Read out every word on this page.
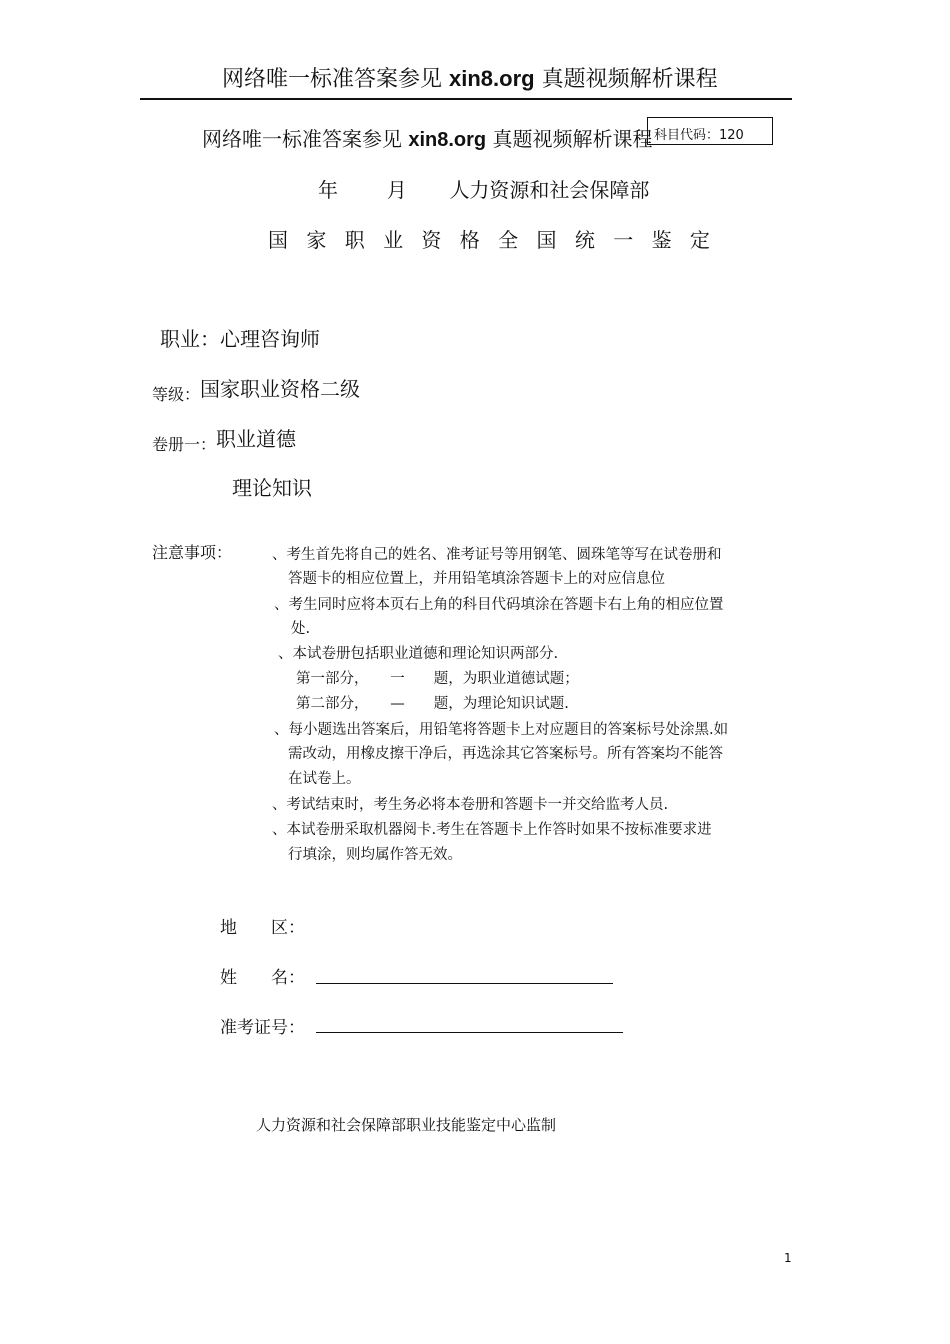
网络唯一标准答案参见 xin8.org 真题视频解析课程
网络唯一标准答案参见 xin8.org 真题视频解析课程 科目代码：120
年 月 人力资源和社会保障部
国 家 职 业 资 格 全 国 统 一 鉴 定
职业：心理咨询师
等级：国家职业资格二级
卷册一：职业道德
理论知识
注意事项：	、考生首先将自己的姓名、准考证号等用钢笔、圆珠笔等写在试卷册和
答题卡的相应位置上，并用铅笔填涂答题卡上的对应信息位
、考生同时应将本页右上角的科目代码填涂在答题卡右上角的相应位置
处.
、本试卷册包括职业道德和理论知识两部分.
第一部分，　　一　　题，为职业道德试题；
第二部分，　　—　　题，为理论知识试题.
、每小题选出答案后，用铅笔将答题卡上对应题目的答案标号处涂黑.如
需改动，用橡皮擦干净后，再选涂其它答案标号。所有答案均不能答
在试卷上。
、考试结束时，考生务必将本卷册和答题卡一并交给监考人员.
、本试卷册采取机器阅卡.考生在答题卡上作答时如果不按标准要求进
行填涂，则均属作答无效。
地　　区：
姓　　名：
准考证号：
人力资源和社会保障部职业技能鉴定中心监制
1
